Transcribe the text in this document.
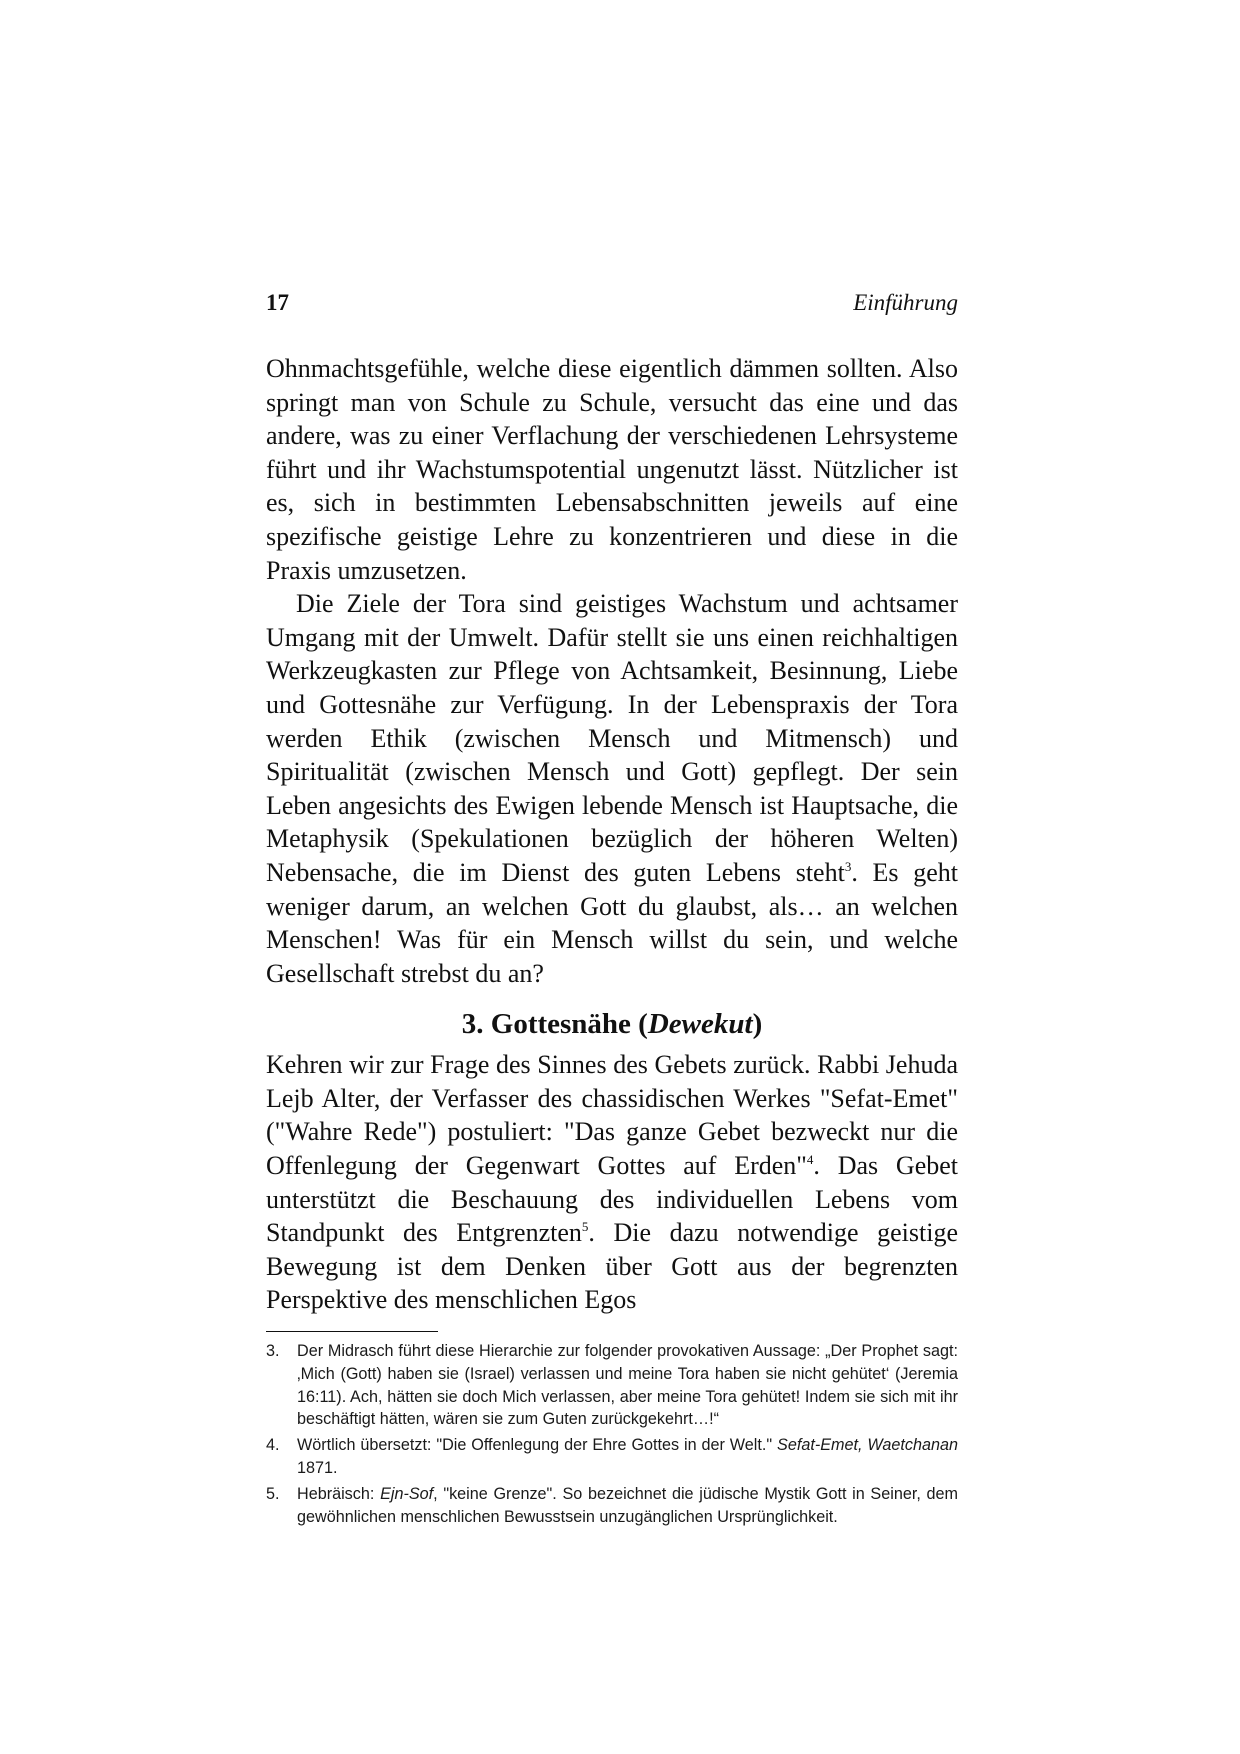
17	Einführung

Ohnmachtsgefühle, welche diese eigentlich dämmen sollten. Also springt man von Schule zu Schule, versucht das eine und das andere, was zu einer Verflachung der verschiedenen Lehrsysteme führt und ihr Wachstumspotential ungenutzt lässt. Nützlicher ist es, sich in bestimmten Lebensabschnitten jeweils auf eine spezifische geistige Lehre zu konzentrieren und diese in die Praxis umzusetzen.

Die Ziele der Tora sind geistiges Wachstum und achtsamer Umgang mit der Umwelt. Dafür stellt sie uns einen reichhaltigen Werkzeugkasten zur Pflege von Achtsamkeit, Besinnung, Liebe und Gottesnähe zur Verfügung. In der Lebenspraxis der Tora werden Ethik (zwischen Mensch und Mitmensch) und Spiritualität (zwischen Mensch und Gott) gepflegt. Der sein Leben angesichts des Ewigen lebende Mensch ist Hauptsache, die Metaphysik (Spekulationen bezüglich der höheren Welten) Nebensache, die im Dienst des guten Lebens steht$^3$. Es geht weniger darum, an welchen Gott du glaubst, als… an welchen Menschen! Was für ein Mensch willst du sein, und welche Gesellschaft strebst du an?

3. Gottesnähe (Dewekut)

Kehren wir zur Frage des Sinnes des Gebets zurück. Rabbi Jehuda Lejb Alter, der Verfasser des chassidischen Werkes "Sefat-Emet" ("Wahre Rede") postuliert: "Das ganze Gebet bezweckt nur die Offenlegung der Gegenwart Gottes auf Erden"$^4$. Das Gebet unterstützt die Beschauung des individuellen Lebens vom Standpunkt des Entgrenzten$^5$. Die dazu notwendige geistige Bewegung ist dem Denken über Gott aus der begrenzten Perspektive des menschlichen Egos

3. Der Midrasch führt diese Hierarchie zur folgender provokativen Aussage: „Der Prophet sagt: ‚Mich (Gott) haben sie (Israel) verlassen und meine Tora haben sie nicht gehütet‘ (Jeremia 16:11). Ach, hätten sie doch Mich verlassen, aber meine Tora gehütet! Indem sie sich mit ihr beschäftigt hätten, wären sie zum Guten zurückgekehrt…!“
4. Wörtlich übersetzt: "Die Offenlegung der Ehre Gottes in der Welt." Sefat-Emet, Waetchanan 1871.
5. Hebräisch: Ejn-Sof, "keine Grenze". So bezeichnet die jüdische Mystik Gott in Seiner, dem gewöhnlichen menschlichen Bewusstsein unzugänglichen Ursprünglichkeit.
